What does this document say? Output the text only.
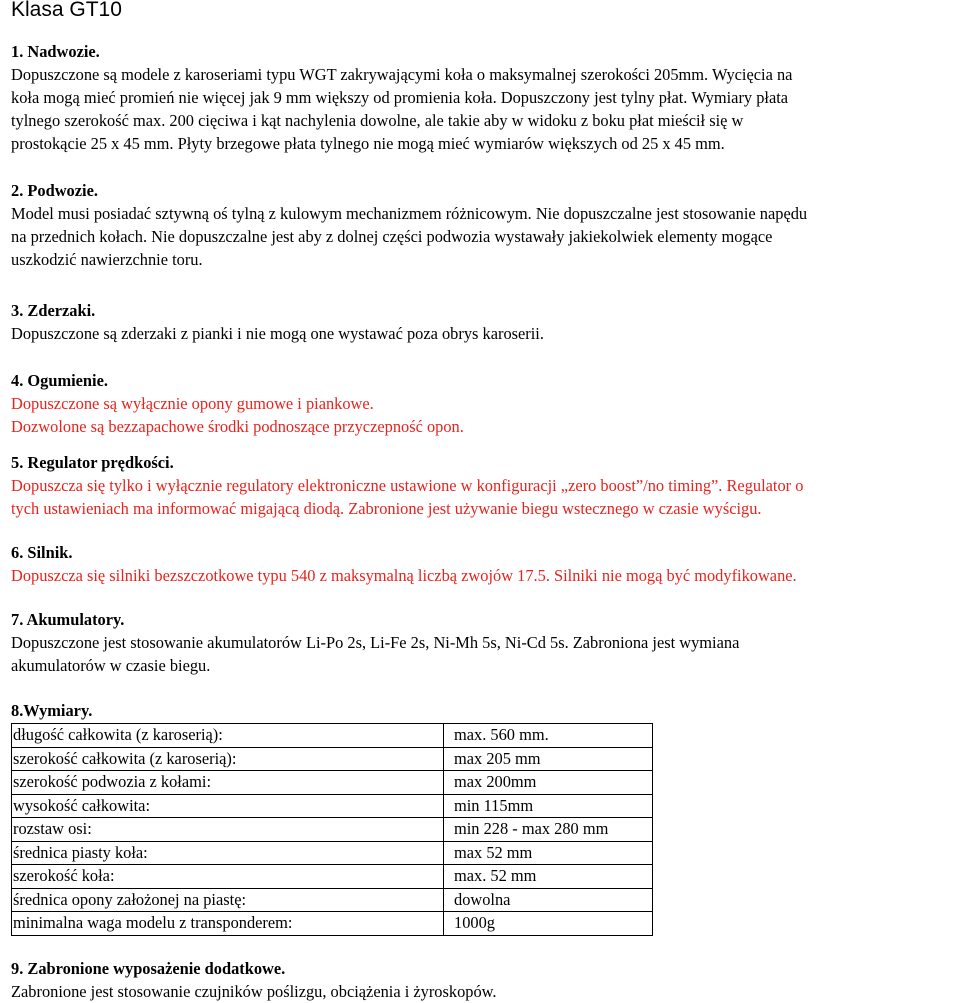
Klasa GT10
1. Nadwozie.

Dopuszczone są modele z karoseriami typu WGT zakrywającymi koła o maksymalnej szerokości 205mm. Wycięcia na

koła mogą mieć promień nie więcej jak 9 mm większy od promienia koła. Dopuszczony jest tylny płat. Wymiary płata

tylnego szerokość max. 200 cięciwa i kąt nachylenia dowolne, ale takie aby w widoku z boku płat mieścił się w

prostokącie 25 x 45 mm. Płyty brzegowe płata tylnego nie mogą mieć wymiarów większych od 25 x 45 mm.

2. Podwozie.

Model musi posiadać sztywną oś tylną z kulowym mechanizmem różnicowym. Nie dopuszczalne jest stosowanie napędu

na przednich kołach. Nie dopuszczalne jest aby z dolnej części podwozia wystawały jakiekolwiek elementy mogące

uszkodzić nawierzchnie toru.

3. Zderzaki.

Dopuszczone są zderzaki z pianki i nie mogą one wystawać poza obrys karoserii.

4. Ogumienie.

Dopuszczone są wyłącznie opony gumowe i piankowe.

Dozwolone są bezzapachowe środki podnoszące przyczepność opon.

5. Regulator prędkości.

Dopuszcza się tylko i wyłącznie regulatory elektroniczne ustawione w konfiguracji „zero boost”/no timing”. Regulator o

tych ustawieniach ma informować migającą diodą. Zabronione jest używanie biegu wstecznego w czasie wyścigu.

6. Silnik.

Dopuszcza się silniki bezszczotkowe typu 540 z maksymalną liczbą zwojów 17.5. Silniki nie mogą być modyfikowane.

7. Akumulatory.

Dopuszczone jest stosowanie akumulatorów Li-Po 2s, Li-Fe 2s, Ni-Mh 5s, Ni-Cd 5s. Zabroniona jest wymiana

akumulatorów w czasie biegu.

8.Wymiary.
długość całkowita (z karoserią):	max. 560 mm.
szerokość całkowita (z karoserią):	max 205 mm
szerokość podwozia z kołami:	max 200mm
wysokość całkowita:	min 115mm
rozstaw osi:	min 228 - max 280 mm
średnica piasty koła:	max 52 mm
szerokość koła:	max. 52 mm
średnica opony założonej na piastę:	dowolna
minimalna waga modelu z transponderem:	1000g
9. Zabronione wyposażenie dodatkowe.

Zabronione jest stosowanie czujników poślizgu, obciążenia i żyroskopów.
